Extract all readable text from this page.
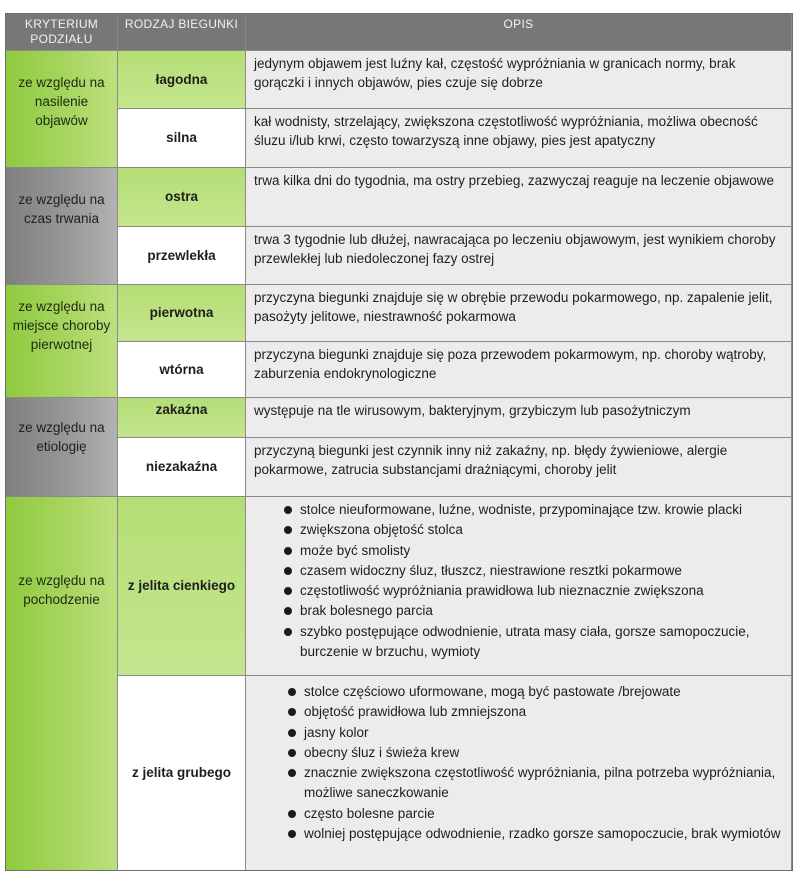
KRYTERIUM PODZIAŁU
RODZAJ BIEGUNKI	OPIS
ze względu na nasilenie objawów
łagodna
jedynym objawem jest luźny kał, częstość wypróżniania w granicach normy, brak gorączki i innych objawów, pies czuje się dobrze
silna
kał wodnisty, strzelający, zwiększona częstotliwość wypróżniania, możliwa obecność śluzu i/lub krwi, często towarzyszą inne objawy, pies jest apatyczny
ze względu na czas trwania
ostra
trwa kilka dni do tygodnia, ma ostry przebieg, zazwyczaj reaguje na leczenie objawowe
przewlekła
trwa 3 tygodnie lub dłużej, nawracająca po leczeniu objawowym, jest wynikiem choroby przewlekłej lub niedoleczonej fazy ostrej
ze względu na miejsce choroby pierwotnej
pierwotna
przyczyna biegunki znajduje się w obrębie przewodu pokarmowego, np. zapalenie jelit, pasożyty jelitowe, niestrawność pokarmowa
wtórna
przyczyna biegunki znajduje się poza przewodem pokarmowym, np. choroby wątroby, zaburzenia endokrynologiczne
ze względu na etiologię
zakaźna	występuje na tle wirusowym, bakteryjnym, grzybiczym lub pasożytniczym
niezakaźna
przyczyną biegunki jest czynnik inny niż zakaźny, np. błędy żywieniowe, alergie pokarmowe, zatrucia substancjami drażniącymi, choroby jelit
ze względu na pochodzenie
z jelita cienkiego
stolce nieuformowane, luźne, wodniste, przypominające tzw. krowie placki
zwiększona objętość stolca
może być smolisty
czasem widoczny śluz, tłuszcz, niestrawione resztki pokarmowe
częstotliwość wypróżniania prawidłowa lub nieznacznie zwiększona
brak bolesnego parcia
szybko postępujące odwodnienie, utrata masy ciała, gorsze samopoczucie, burczenie w brzuchu, wymioty
z jelita grubego
stolce częściowo uformowane, mogą być pastowate /brejowate
objętość prawidłowa lub zmniejszona
jasny kolor
obecny śluz i świeża krew
znacznie zwiększona częstotliwość wypróżniania, pilna potrzeba wypróżniania, możliwe saneczkowanie
często bolesne parcie
wolniej postępujące odwodnienie, rzadko gorsze samopoczucie, brak wymiotów
